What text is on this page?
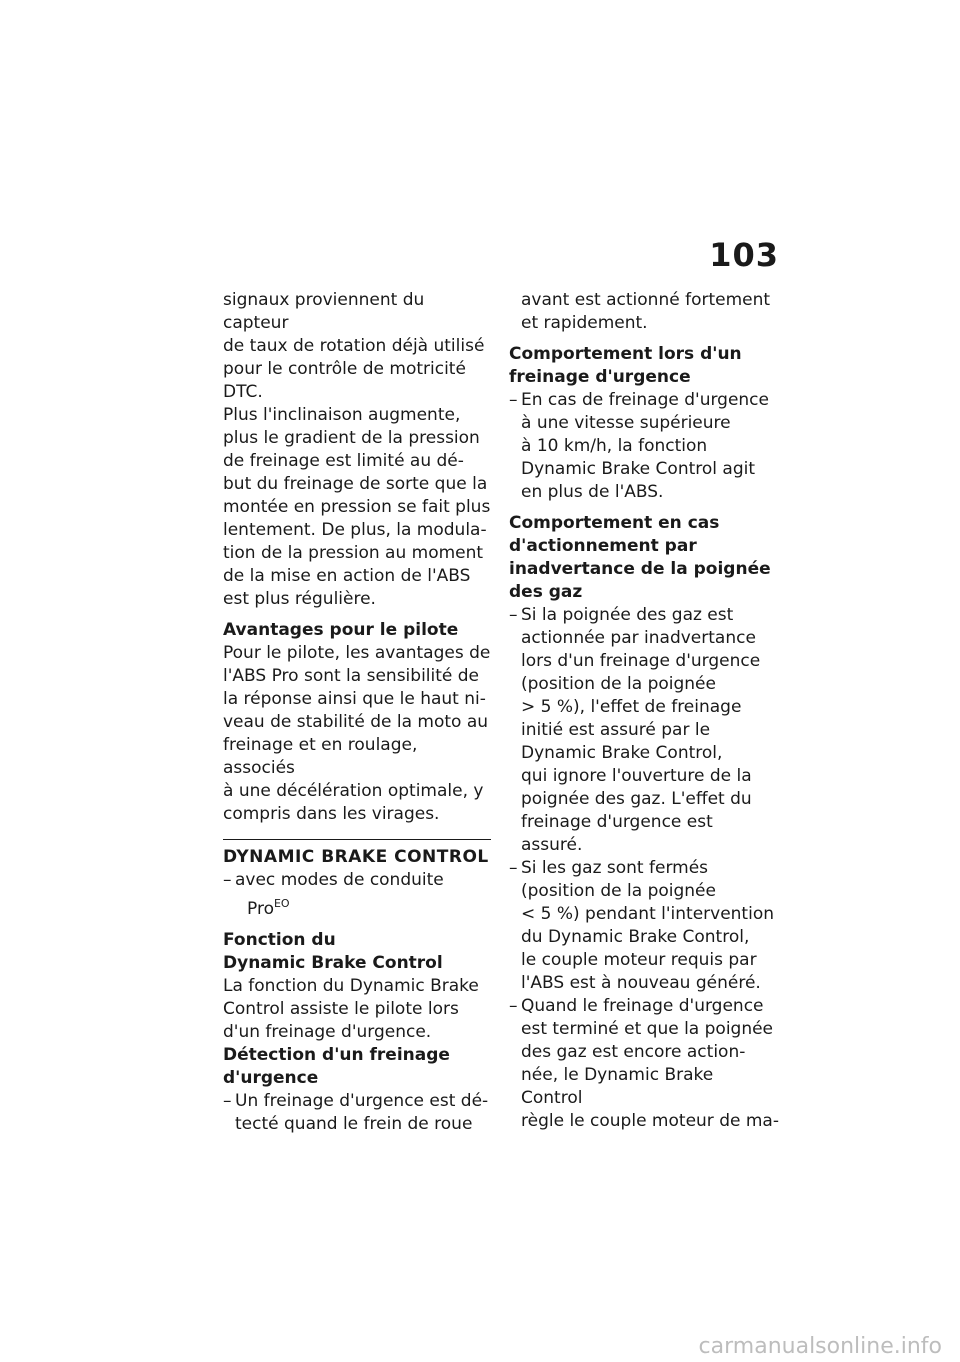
103
signaux proviennent du capteur
de taux de rotation déjà utilisé
pour le contrôle de motricité
DTC.
Plus l'inclinaison augmente,
plus le gradient de la pression
de freinage est limité au dé-
but du freinage de sorte que la
montée en pression se fait plus
lentement. De plus, la modula-
tion de la pression au moment
de la mise en action de l'ABS
est plus régulière.
Avantages pour le pilote
Pour le pilote, les avantages de
l'ABS Pro sont la sensibilité de
la réponse ainsi que le haut ni-
veau de stabilité de la moto au
freinage et en roulage, associés
à une décélération optimale, y
compris dans les virages.
DYNAMIC BRAKE CONTROL
– avec modes de conduite
Pro$^{EO}$
Fonction du
Dynamic Brake Control
La fonction du Dynamic Brake
Control assiste le pilote lors
d'un freinage d'urgence.
Détection d'un freinage
d'urgence
– Un freinage d'urgence est dé-
tecté quand le frein de roue
avant est actionné fortement
et rapidement.
Comportement lors d'un
freinage d'urgence
– En cas de freinage d'urgence
à une vitesse supérieure
à 10 km/h, la fonction
Dynamic Brake Control agit
en plus de l'ABS.
Comportement en cas
d'actionnement par
inadvertance de la poignée
des gaz
– Si la poignée des gaz est
actionnée par inadvertance
lors d'un freinage d'urgence
(position de la poignée
> 5 %), l'effet de freinage
initié est assuré par le
Dynamic Brake Control,
qui ignore l'ouverture de la
poignée des gaz. L'effet du
freinage d'urgence est assuré.
– Si les gaz sont fermés
(position de la poignée
< 5 %) pendant l'intervention
du Dynamic Brake Control,
le couple moteur requis par
l'ABS est à nouveau généré.
– Quand le freinage d'urgence
est terminé et que la poignée
des gaz est encore action-
née, le Dynamic Brake Control
règle le couple moteur de ma-
carmanualsonline.info
